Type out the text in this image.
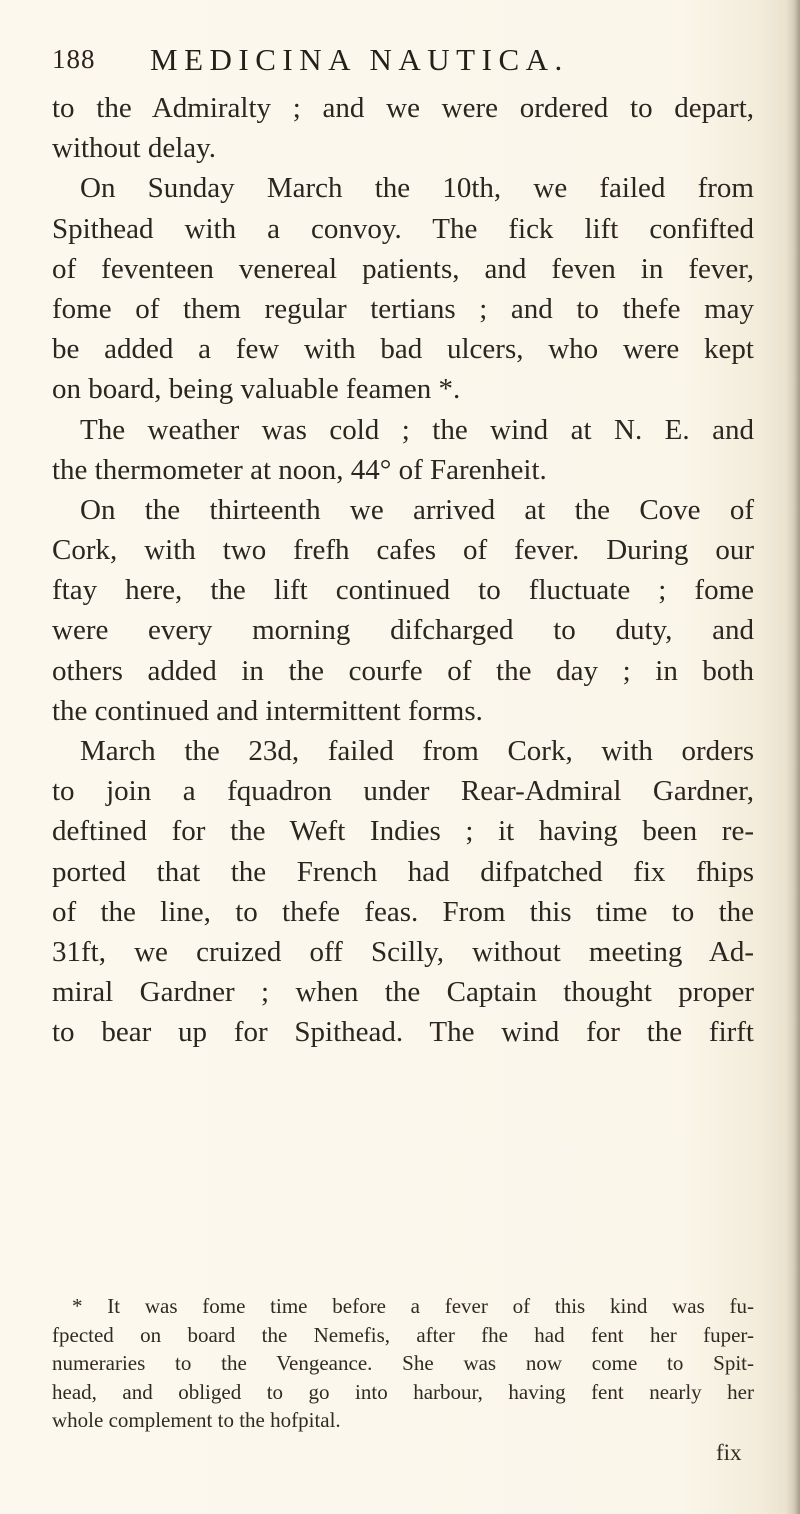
188 MEDICINA NAUTICA.
to the Admiralty ; and we were ordered to depart,
without delay.
On Sunday March the 10th, we failed from
Spithead with a convoy. The fick lift confifted
of feventeen venereal patients, and feven in fever,
fome of them regular tertians ; and to thefe may
be added a few with bad ulcers, who were kept
on board, being valuable feamen *.
The weather was cold ; the wind at N. E. and
the thermometer at noon, 44° of Farenheit.
On the thirteenth we arrived at the Cove of
Cork, with two frefh cafes of fever. During our
ftay here, the lift continued to fluctuate ; fome
were every morning difcharged to duty, and
others added in the courfe of the day ; in both
the continued and intermittent forms.
March the 23d, failed from Cork, with orders
to join a fquadron under Rear-Admiral Gardner,
deftined for the Weft Indies ; it having been re-
ported that the French had difpatched fix fhips
of the line, to thefe feas. From this time to the
31ft, we cruized off Scilly, without meeting Ad-
miral Gardner ; when the Captain thought proper
to bear up for Spithead. The wind for the firft
* It was fome time before a fever of this kind was fu-
fpected on board the Nemefis, after fhe had fent her fuper-
numeraries to the Vengeance. She was now come to Spit-
head, and obliged to go into harbour, having fent nearly her
whole complement to the hofpital.
fix
